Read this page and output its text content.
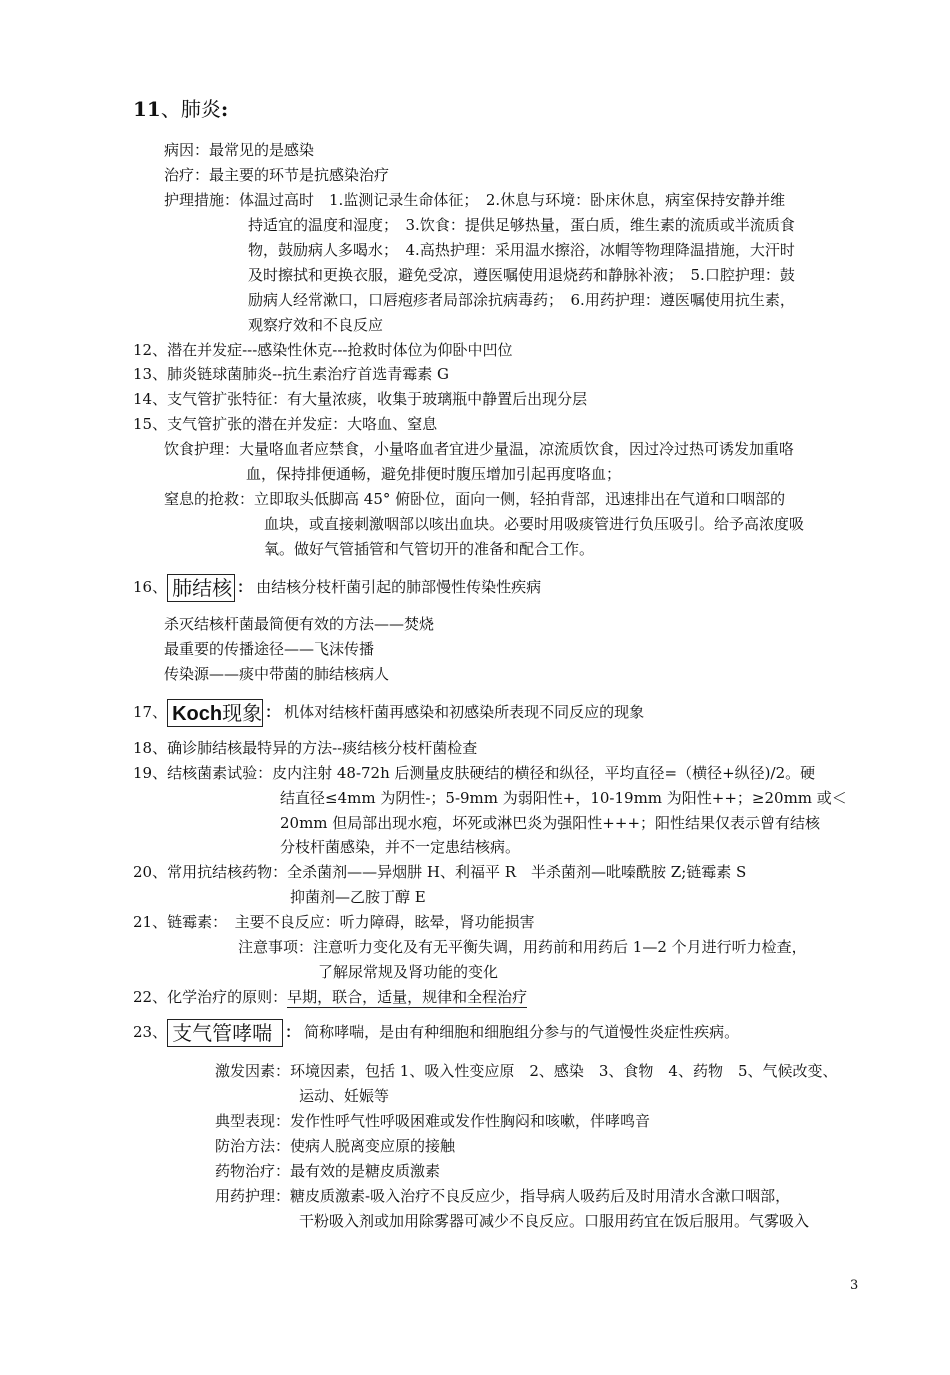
11、肺炎:
病因：最常见的是感染
治疗：最主要的环节是抗感染治疗
护理措施：体温过高时　1.监测记录生命体征；　2.休息与环境：卧床休息，病室保持安静并维
持适宜的温度和湿度；　3.饮食：提供足够热量，蛋白质，维生素的流质或半流质食
物，鼓励病人多喝水；　4.高热护理：采用温水擦浴，冰帽等物理降温措施，大汗时
及时擦拭和更换衣服，避免受凉，遵医嘱使用退烧药和静脉补液；　5.口腔护理：鼓
励病人经常漱口，口唇疱疹者局部涂抗病毒药；　6.用药护理：遵医嘱使用抗生素，
观察疗效和不良反应
12、潜在并发症---感染性休克---抢救时体位为仰卧中凹位
13、肺炎链球菌肺炎--抗生素治疗首选青霉素 G
14、支气管扩张特征：有大量浓痰，收集于玻璃瓶中静置后出现分层
15、支气管扩张的潜在并发症：大咯血、窒息
饮食护理：大量咯血者应禁食，小量咯血者宜进少量温，凉流质饮食，因过冷过热可诱发加重咯
血，保持排便通畅，避免排便时腹压增加引起再度咯血；
窒息的抢救：立即取头低脚高 45° 俯卧位，面向一侧，轻拍背部，迅速排出在气道和口咽部的
血块，或直接刺激咽部以咳出血块。必要时用吸痰管进行负压吸引。给予高浓度吸
氧。做好气管插管和气管切开的准备和配合工作。
16、 肺结核 ： 由结核分枝杆菌引起的肺部慢性传染性疾病
杀灭结核杆菌最简便有效的方法——焚烧
最重要的传播途径——飞沫传播
传染源——痰中带菌的肺结核病人
17、 Koch现象 ： 机体对结核杆菌再感染和初感染所表现不同反应的现象
18、确诊肺结核最特异的方法--痰结核分枝杆菌检查
19、结核菌素试验：皮内注射 48-72h 后测量皮肤硬结的横径和纵径，平均直径=（横径+纵径)/2。硬
结直径≤4mm 为阴性-；5-9mm 为弱阳性+，10-19mm 为阳性++；≥20mm 或＜
20mm 但局部出现水疱，坏死或淋巴炎为强阳性+++；阳性结果仅表示曾有结核
分枝杆菌感染，并不一定患结核病。
20、常用抗结核药物：全杀菌剂——异烟肼 H、利福平 R　半杀菌剂—吡嗪酰胺 Z;链霉素 S
抑菌剂—乙胺丁醇 E
21、链霉素：　主要不良反应：听力障碍，眩晕，肾功能损害
注意事项：注意听力变化及有无平衡失调，用药前和用药后 1—2 个月进行听力检查，
了解尿常规及肾功能的变化
22、化学治疗的原则：早期，联合，适量，规律和全程治疗
23、 支气管哮喘 ： 简称哮喘，是由有种细胞和细胞组分参与的气道慢性炎症性疾病。
激发因素：环境因素，包括 1、吸入性变应原　2、感染　3、食物　4、药物　5、气候改变、
运动、妊娠等
典型表现：发作性呼气性呼吸困难或发作性胸闷和咳嗽，伴哮鸣音
防治方法：使病人脱离变应原的接触
药物治疗：最有效的是糖皮质激素
用药护理：糖皮质激素-吸入治疗不良反应少，指导病人吸药后及时用清水含漱口咽部，
干粉吸入剂或加用除雾器可减少不良反应。口服用药宜在饭后服用。气雾吸入
3
